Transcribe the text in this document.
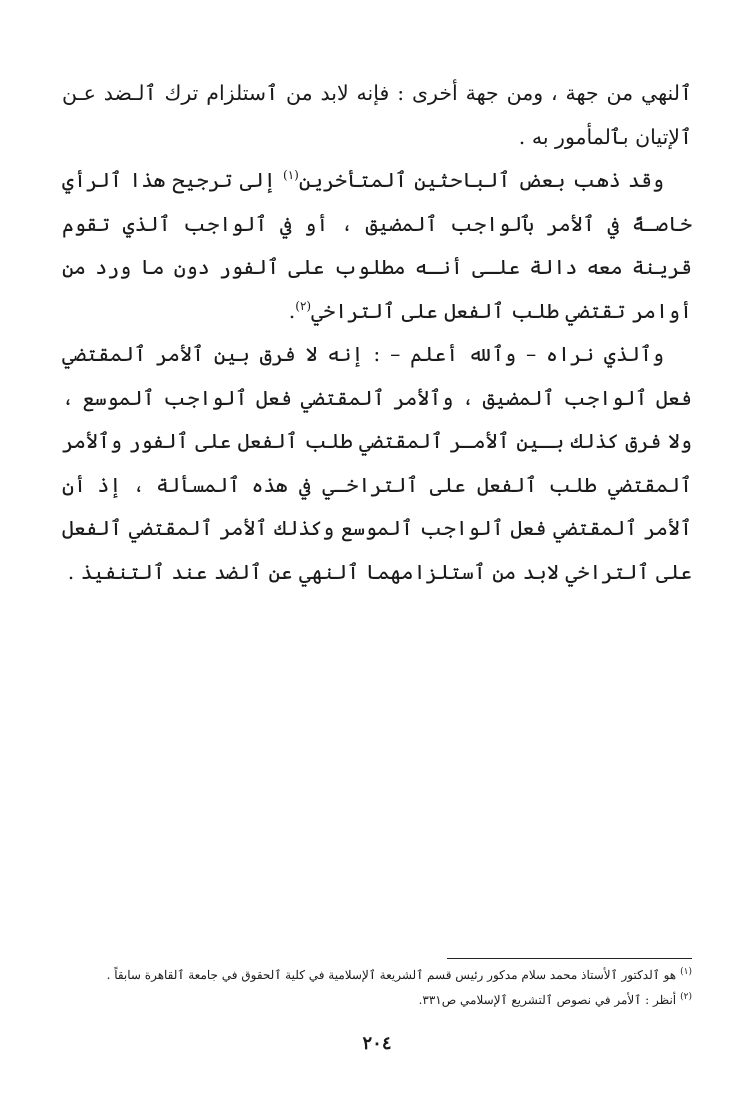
ٱلنهي من جهة ، ومن جهة أخرى : فإنه لابد من ٱستلزام ترك ٱلـضد عـن ٱلإتيان بٱلمأمور به .

وقد ذهب بعض ٱلباحثين ٱلمتأخرين$^{(١)}$ إلى ترجيح هذا ٱلرأي خاصـةً في ٱلأمر بٱلواجب ٱلمضيق ، أو في ٱلواجب ٱلذي تقوم قرينة معه دالة علـى أنـه مطلوب على ٱلفور دون ما ورد من أوامر تقتضي طلب ٱلفعل على ٱلتراخي$^{(٢)}$.

وٱلذي نراه – وٱلله أعلم – : إنه لا فرق بين ٱلأمر ٱلمقتضي فعل ٱلواجب ٱلمضيق ، وٱلأمر ٱلمقتضي فعل ٱلواجب ٱلموسع ، ولا فرق كذلك بـين ٱلأمـر ٱلمقتضي طلب ٱلفعل على ٱلفور وٱلأمر ٱلمقتضي طلب ٱلفعل على ٱلتراخـي في هذه ٱلمسألة ، إذ أن ٱلأمر ٱلمقتضي فعل ٱلواجب ٱلموسع وكذلك ٱلأمر ٱلمقتضي ٱلفعل على ٱلتراخي لابد من ٱستلزامهما ٱلنهي عن ٱلضد عند ٱلتنفيذ .

$^{(١)}$هو ٱلدكتور ٱلأستاذ محمد سلام مدكور رئيس قسم ٱلشريعة ٱلإسلامية في كلية ٱلحقوق في جامعة ٱلقاهرة سابقاً .

$^{(٢)}$أنظر : ٱلأمر في نصوص ٱلتشريع ٱلإسلامي ص٣٣١.

٢٠٤
